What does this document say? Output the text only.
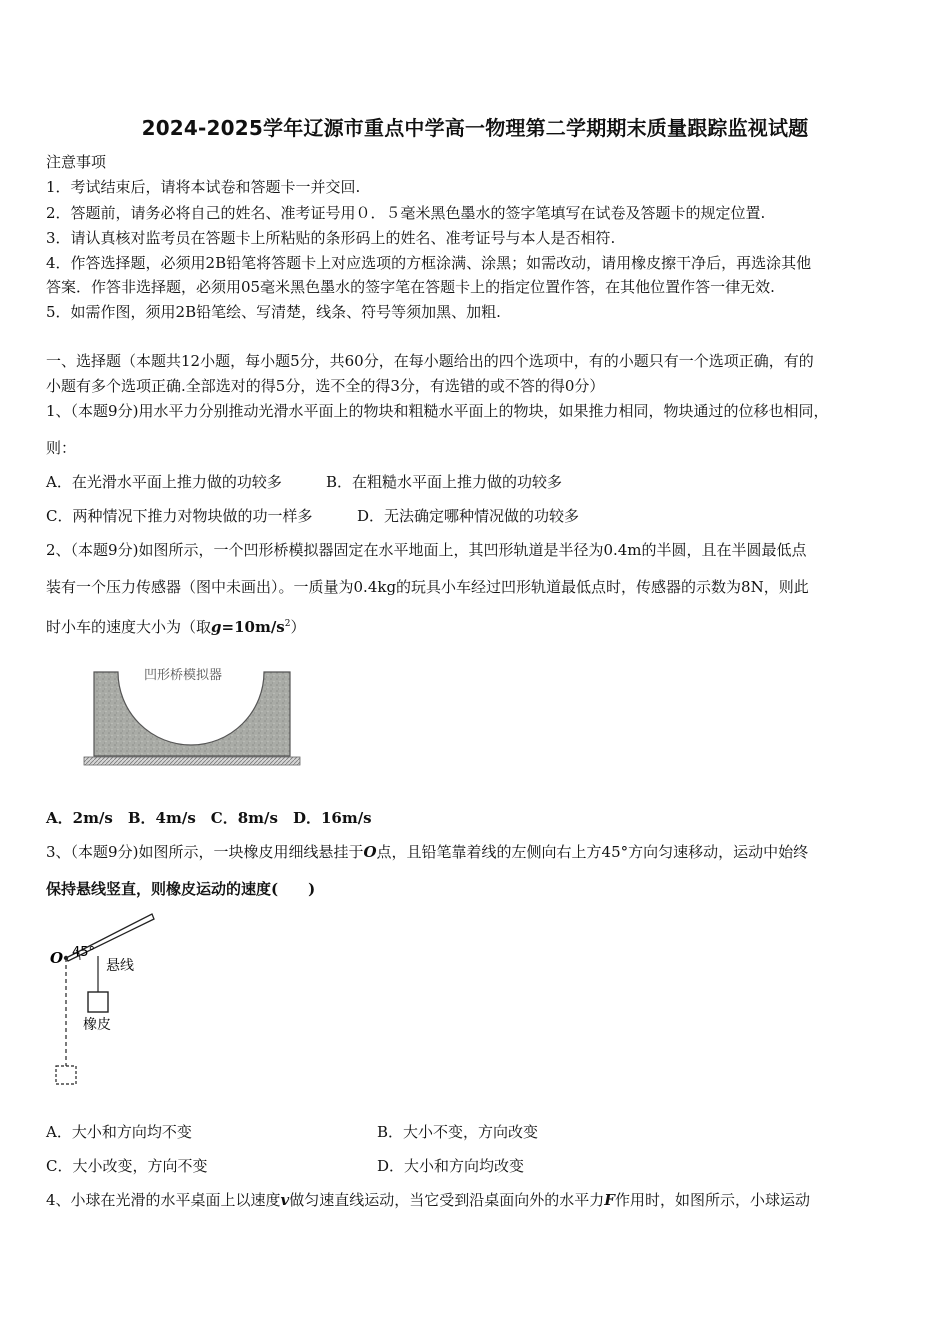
2024-2025学年辽源市重点中学高一物理第二学期期末质量跟踪监视试题
注意事项
1．考试结束后，请将本试卷和答题卡一并交回.
2．答题前，请务必将自己的姓名、准考证号用０．５毫米黑色墨水的签字笔填写在试卷及答题卡的规定位置.
3．请认真核对监考员在答题卡上所粘贴的条形码上的姓名、准考证号与本人是否相符.
4．作答选择题，必须用2B铅笔将答题卡上对应选项的方框涂满、涂黑；如需改动，请用橡皮擦干净后，再选涂其他
答案．作答非选择题，必须用05毫米黑色墨水的签字笔在答题卡上的指定位置作答，在其他位置作答一律无效.
5．如需作图，须用2B铅笔绘、写清楚，线条、符号等须加黑、加粗.
一、选择题（本题共12小题，每小题5分，共60分，在每小题给出的四个选项中，有的小题只有一个选项正确，有的
小题有多个选项正确.全部选对的得5分，选不全的得3分，有选错的或不答的得0分）
1、（本题9分)用水平力分别推动光滑水平面上的物块和粗糙水平面上的物块，如果推力相同，物块通过的位移也相同，
则：
A．在光滑水平面上推力做的功较多	B．在粗糙水平面上推力做的功较多
C．两种情况下推力对物块做的功一样多	D．无法确定哪种情况做的功较多
2、（本题9分)如图所示，一个凹形桥模拟器固定在水平地面上，其凹形轨道是半径为0.4m的半圆，且在半圆最低点
装有一个压力传感器（图中未画出）。一质量为0.4kg的玩具小车经过凹形轨道最低点时，传感器的示数为8N，则此
时小车的速度大小为（取$g=10m/s^2$）
凹形桥模拟器
A．2m/s　B．4m/s　C．8m/s　D．16m/s
3、（本题9分)如图所示，一块橡皮用细线悬挂于O点，且铅笔靠着线的左侧向右上方45°方向匀速移动，运动中始终
保持悬线竖直，则橡皮运动的速度(　　)
O 45°
悬线
橡皮
A．大小和方向均不变	B．大小不变，方向改变
C．大小改变，方向不变	D．大小和方向均改变
4、小球在光滑的水平桌面上以速度v做匀速直线运动，当它受到沿桌面向外的水平力F作用时，如图所示，小球运动
